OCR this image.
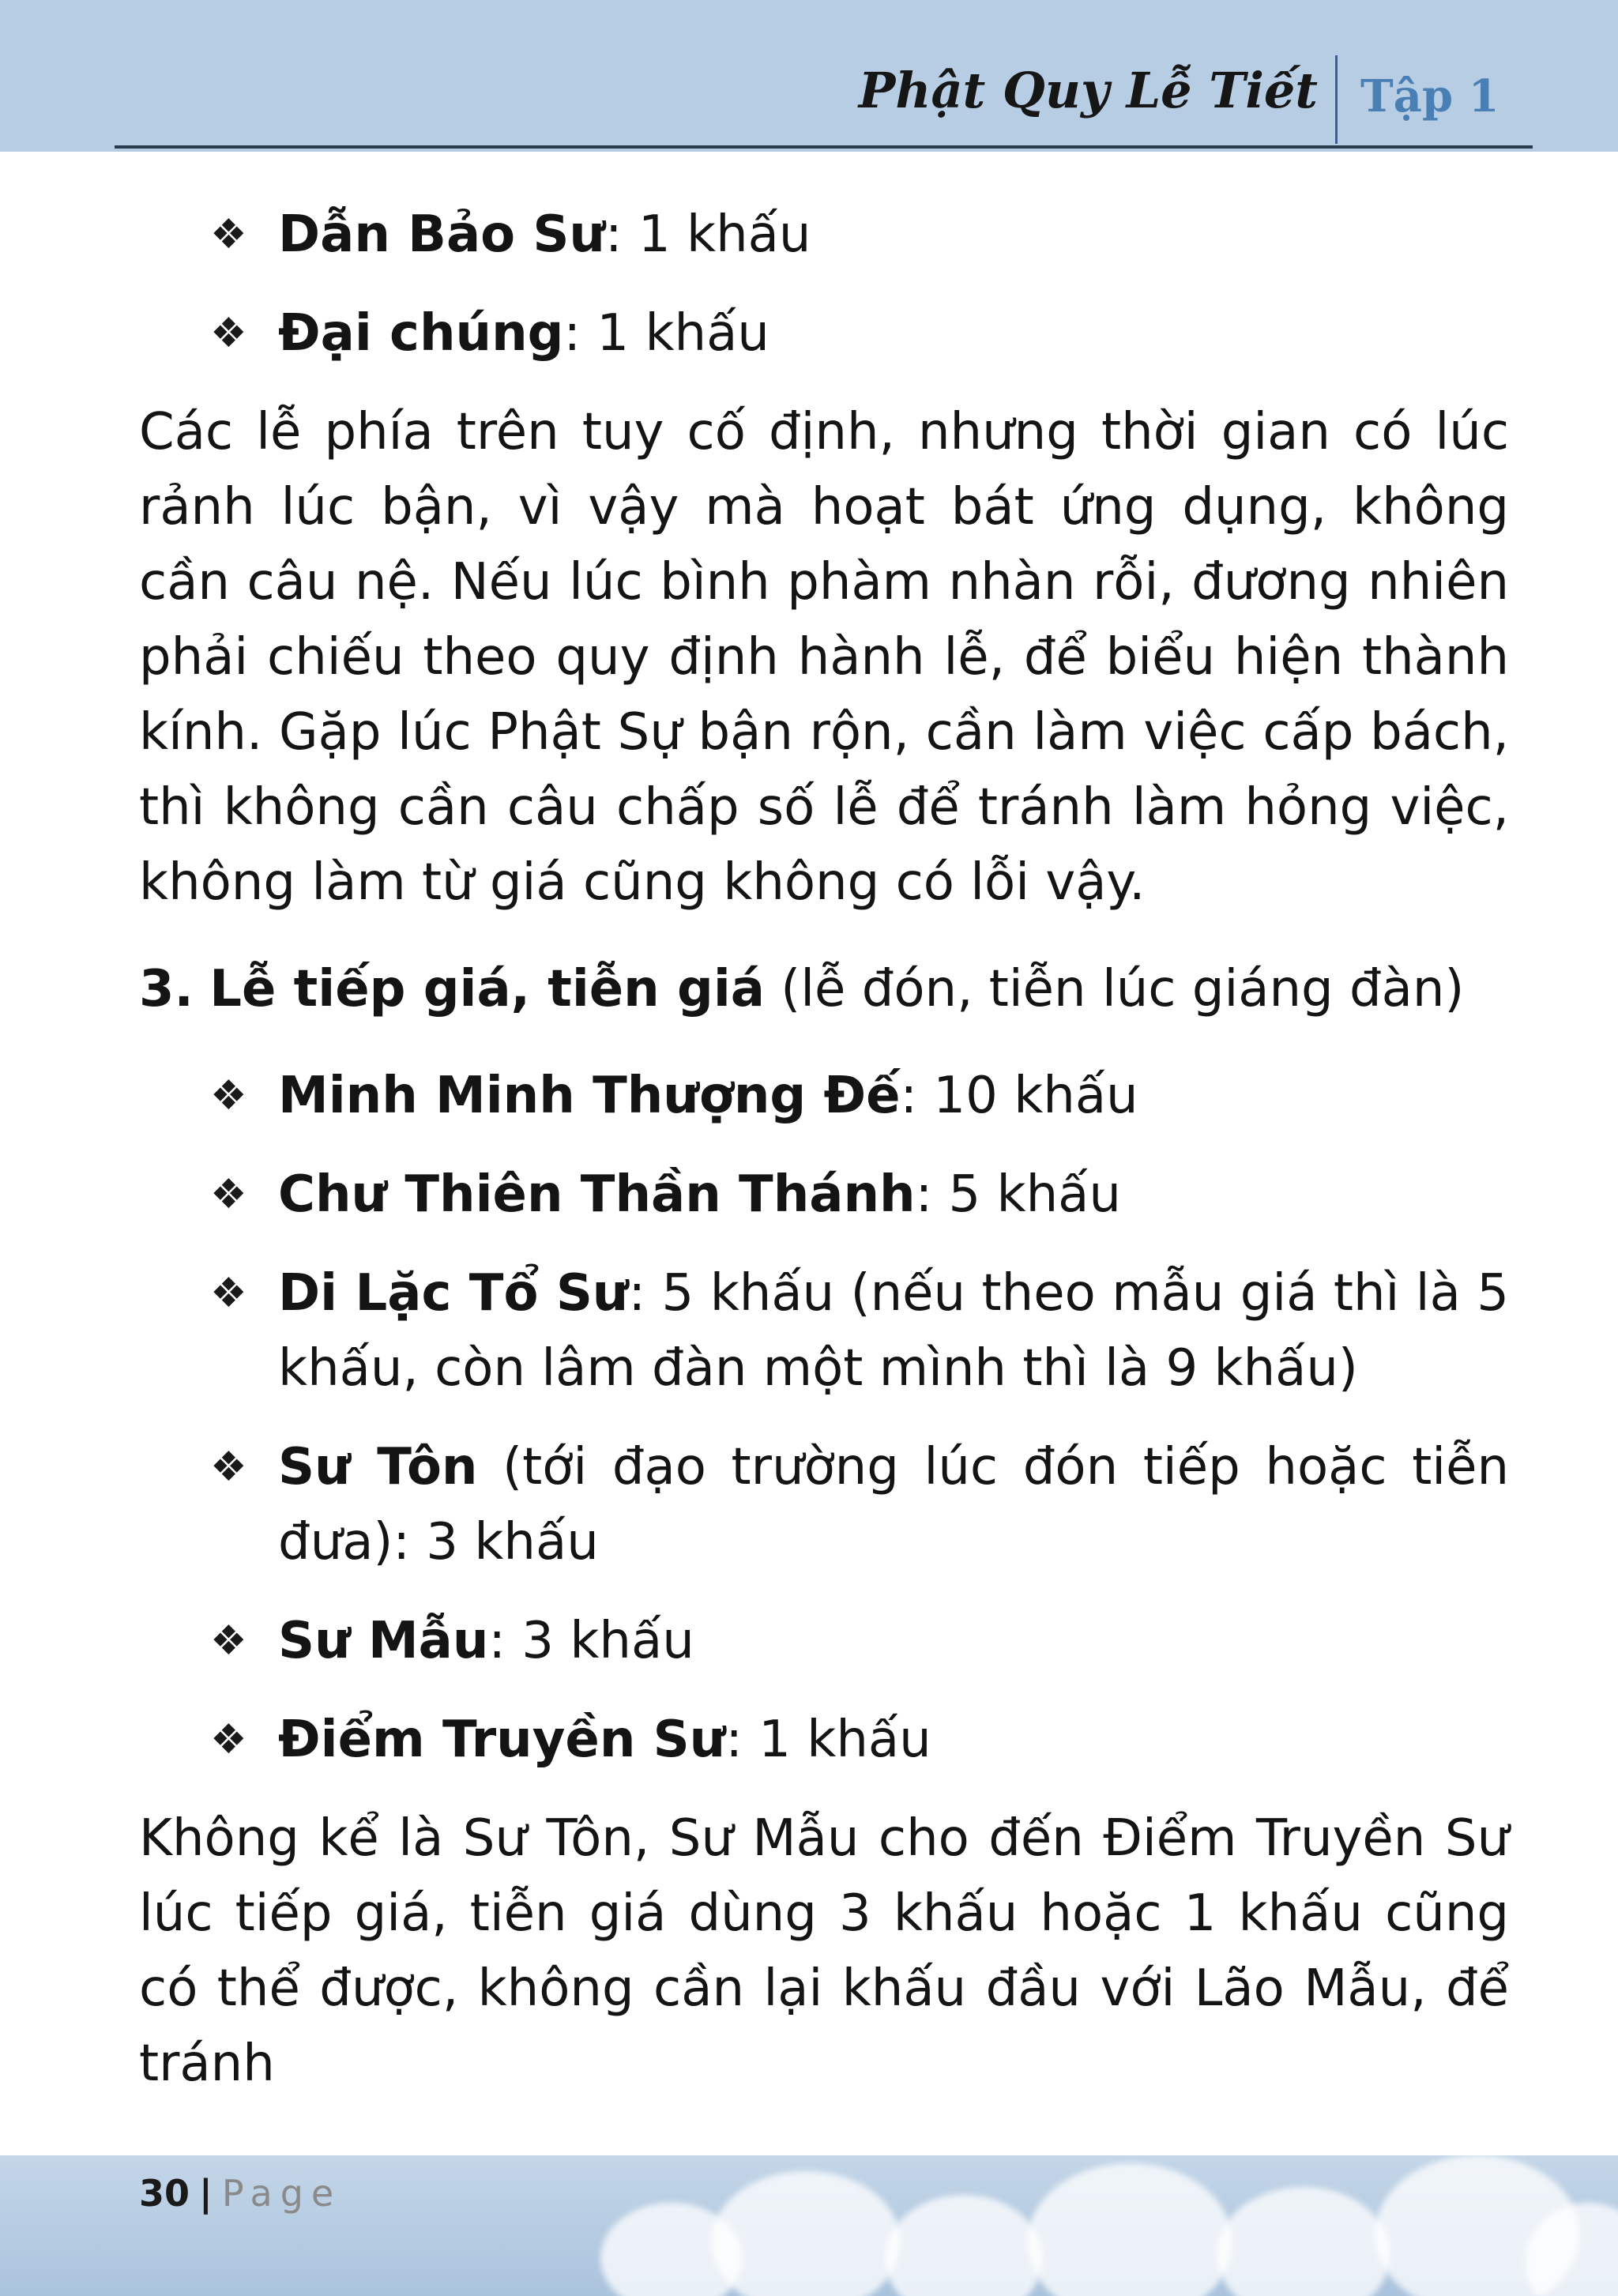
Phật Quy Lễ Tiết Tập 1
❖ Dẫn Bảo Sư: 1 khấu
❖ Đại chúng: 1 khấu

Các lễ phía trên tuy cố định, nhưng thời gian có lúc rảnh lúc bận, vì vậy mà hoạt bát ứng dụng, không cần câu nệ. Nếu lúc bình phàm nhàn rỗi, đương nhiên phải chiếu theo quy định hành lễ, để biểu hiện thành kính. Gặp lúc Phật Sự bận rộn, cần làm việc cấp bách, thì không cần câu chấp số lễ để tránh làm hỏng việc, không làm từ giá cũng không có lỗi vậy.

3. Lễ tiếp giá, tiễn giá (lễ đón, tiễn lúc giáng đàn)
❖ Minh Minh Thượng Đế: 10 khấu
❖ Chư Thiên Thần Thánh: 5 khấu
❖ Di Lặc Tổ Sư: 5 khấu (nếu theo mẫu giá thì là 5 khấu, còn lâm đàn một mình thì là 9 khấu)
❖ Sư Tôn (tới đạo trường lúc đón tiếp hoặc tiễn đưa): 3 khấu
❖ Sư Mẫu: 3 khấu
❖ Điểm Truyền Sư: 1 khấu

Không kể là Sư Tôn, Sư Mẫu cho đến Điểm Truyền Sư lúc tiếp giá, tiễn giá dùng 3 khấu hoặc 1 khấu cũng có thể được, không cần lại khấu đầu với Lão Mẫu, để tránh

30 | Page
